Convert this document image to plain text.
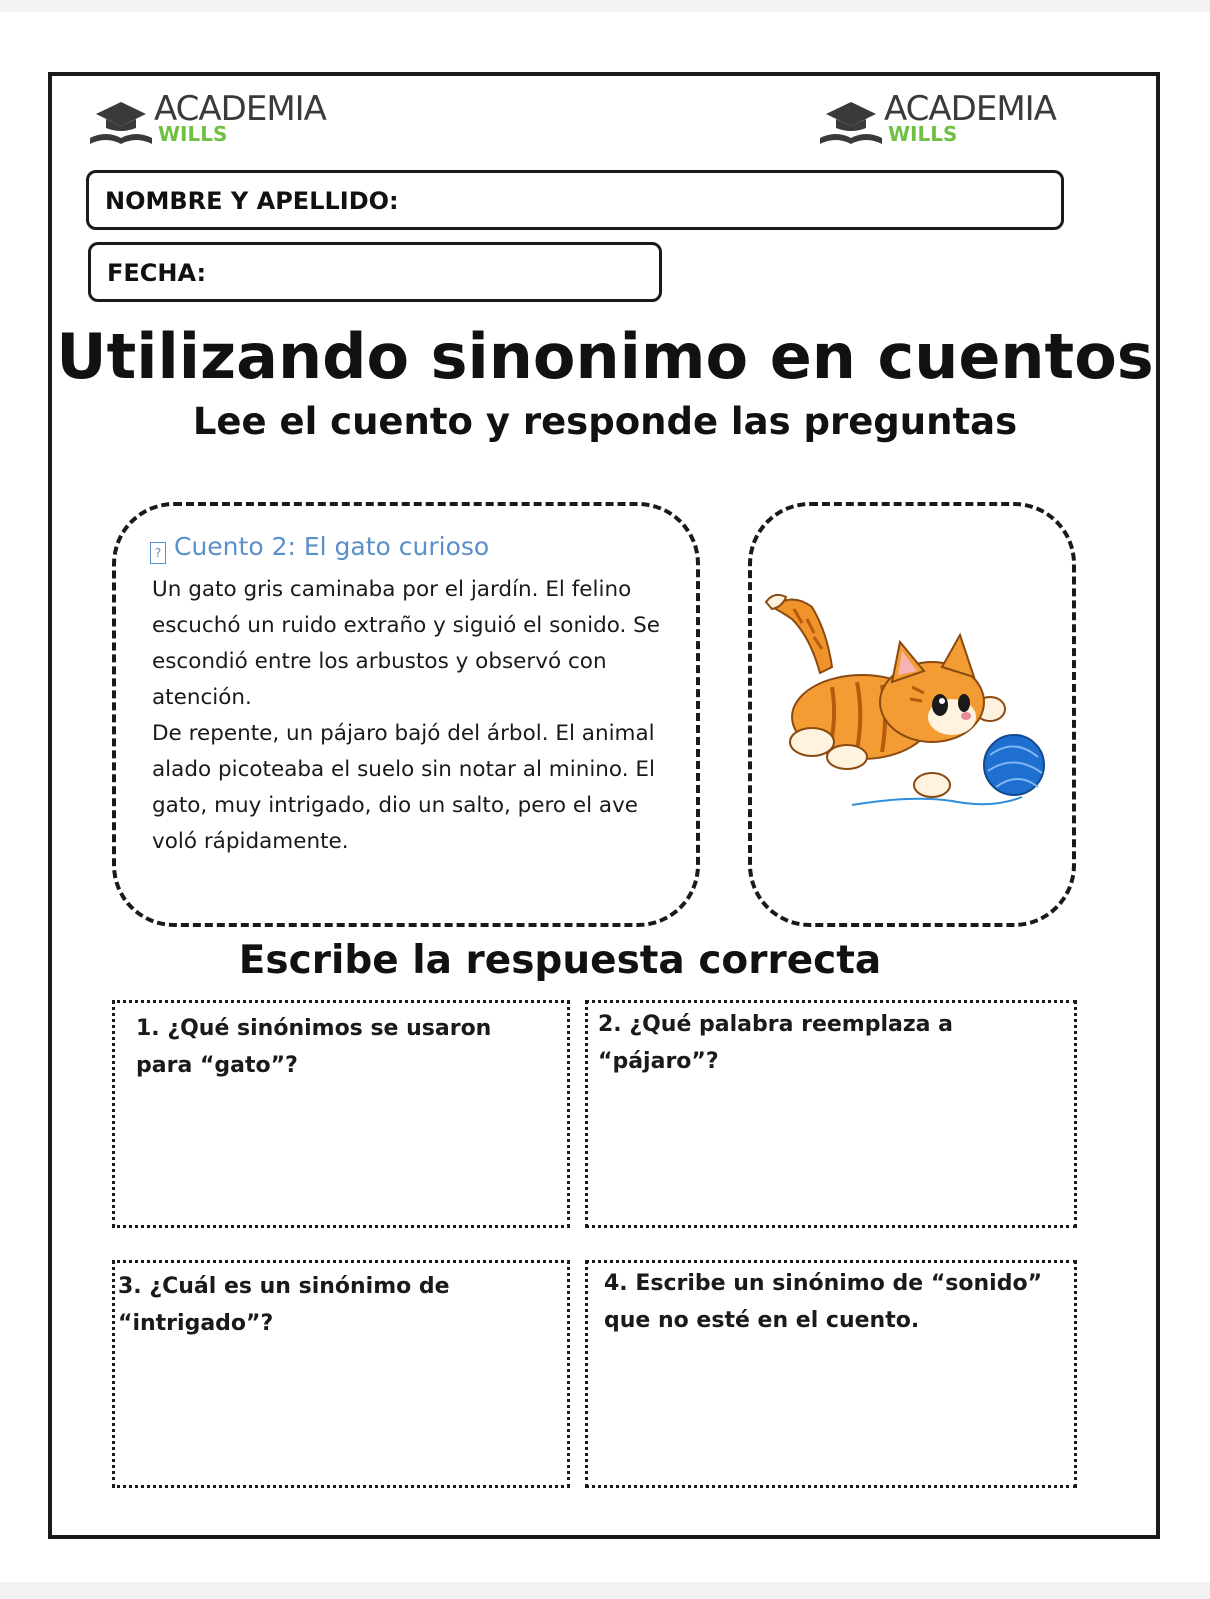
ACADEMIA
WILLS
ACADEMIA
WILLS
NOMBRE Y APELLIDO:
FECHA:
Utilizando sinonimo en cuentos
Lee el cuento y responde las preguntas
? Cuento 2: El gato curioso

Un gato gris caminaba por el jardín. El felino escuchó un ruido extraño y siguió el sonido. Se escondió entre los arbustos y observó con atención.

De repente, un pájaro bajó del árbol. El animal alado picoteaba el suelo sin notar al minino. El gato, muy intrigado, dio un salto, pero el ave voló rápidamente.

Escribe la respuesta correcta
1. ¿Qué sinónimos se usaron para “gato”?
2. ¿Qué palabra reemplaza a “pájaro”?
3. ¿Cuál es un sinónimo de “intrigado”?
4. Escribe un sinónimo de “sonido” que no esté en el cuento.
